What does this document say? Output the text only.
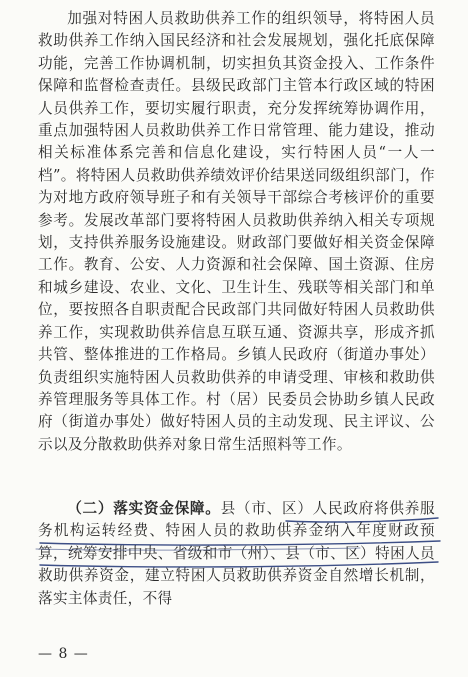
加强对特困人员救助供养工作的组织领导，将特困人员救助供养工作纳入国民经济和社会发展规划，强化托底保障功能，完善工作协调机制，切实担负其资金投入、工作条件保障和监督检查责任。县级民政部门主管本行政区域的特困人员供养工作，要切实履行职责，充分发挥统筹协调作用，重点加强特困人员救助供养工作日常管理、能力建设，推动相关标准体系完善和信息化建设，实行特困人员“一人一档”。将特困人员救助供养绩效评价结果送同级组织部门，作为对地方政府领导班子和有关领导干部综合考核评价的重要参考。发展改革部门要将特困人员救助供养纳入相关专项规划，支持供养服务设施建设。财政部门要做好相关资金保障工作。教育、公安、人力资源和社会保障、国土资源、住房和城乡建设、农业、文化、卫生计生、残联等相关部门和单位，要按照各自职责配合民政部门共同做好特困人员救助供养工作，实现救助供养信息互联互通、资源共享，形成齐抓共管、整体推进的工作格局。乡镇人民政府（街道办事处）负责组织实施特困人员救助供养的申请受理、审核和救助供养管理服务等具体工作。村（居）民委员会协助乡镇人民政府（街道办事处）做好特困人员的主动发现、民主评议、公示以及分散救助供养对象日常生活照料等工作。

（二）落实资金保障。县（市、区）人民政府将供养服务机构运转经费、特困人员的救助供养金纳入年度财政预算，统筹安排中央、省级和市（州）、县（市、区）特困人员救助供养资金，建立特困人员救助供养资金自然增长机制，落实主体责任，不得

— 8 —
